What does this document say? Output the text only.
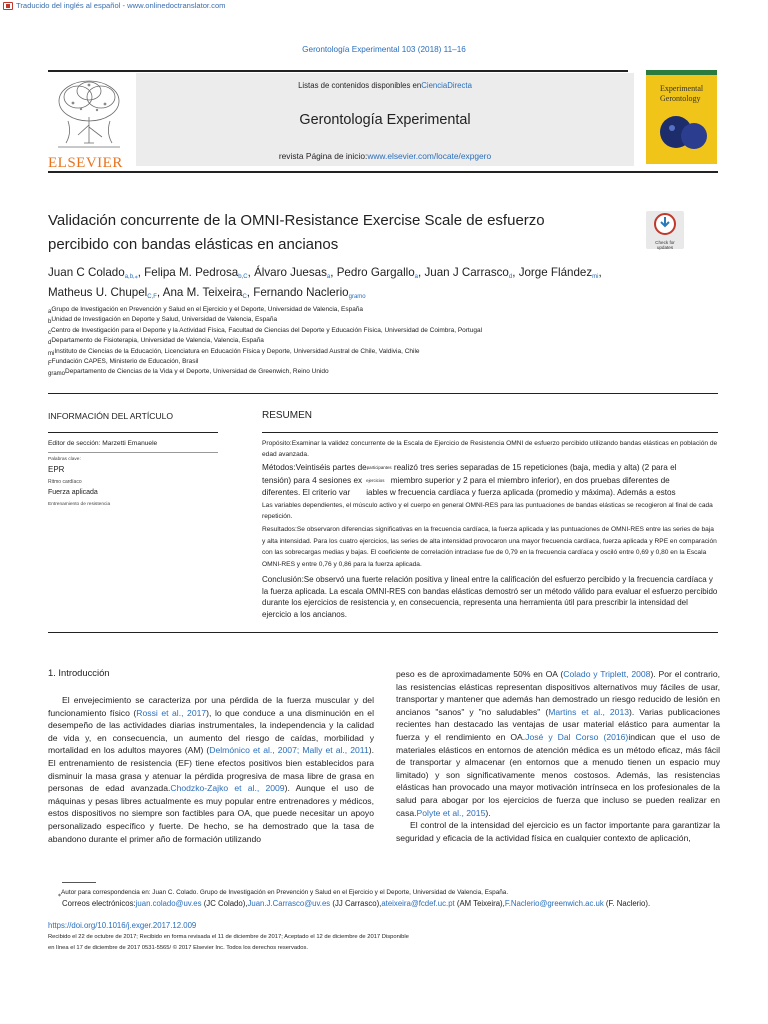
Traducido del inglés al español - www.onlinedoctranslator.com
Gerontología Experimental 103 (2018) 11–16
ELSEVIER
Listas de contenidos disponibles enCienciaDirecta
Gerontología Experimental
revista Página de inicio:www.elsevier.com/locate/expgero
Experimental
Gerontology
Validación concurrente de la OMNI-Resistance Exercise Scale de esfuerzo
percibido con bandas elásticas en ancianos	Check for
updates
Juan C Coladoa,b,⁎, Felipa M. Pedrosab,C, Álvaro Juesasa, Pedro Gargalloa, Juan J Carrascod, Jorge Flándezmi, Matheus U. ChupelC,F, Ana M. TeixeiraC, Fernando Nacleriogramo
aGrupo de Investigación en Prevención y Salud en el Ejercicio y el Deporte, Universidad de Valencia, España
bUnidad de Investigación en Deporte y Salud, Universidad de Valencia, España
cCentro de Investigación para el Deporte y la Actividad Física, Facultad de Ciencias del Deporte y Educación Física, Universidad de Coimbra, Portugal
dDepartamento de Fisioterapia, Universidad de Valencia, Valencia, España
miInstituto de Ciencias de la Educación, Licenciatura en Educación Física y Deporte, Universidad Austral de Chile, Valdivia, Chile
FFundación CAPES, Ministerio de Educación, Brasil
gramoDepartamento de Ciencias de la Vida y el Deporte, Universidad de Greenwich, Reino Unido
INFORMACIÓN DEL ARTÍCULO
Editor de sección: Marzetti Emanuele
Palabras clave:
EPR
Ritmo cardíaco
Fuerza aplicada
Entrenamiento de resistencia
RESUMEN
Propósito:Examinar la validez concurrente de la Escala de Ejercicio de Resistencia OMNI de esfuerzo percibido utilizando bandas elásticas en población de edad avanzada.
Métodos:Veintiséis partes departicipantes realizó tres series separadas de 15 repeticiones (baja, media y alta) (2 para el
tensión) para 4 sesiones ex ejercicios miembro superior y 2 para el miembro inferior), en dos pruebas diferentes de
diferentes. El criterio var       iables w frecuencia cardíaca y fuerza aplicada (promedio y máxima). Además a estos
Las variables dependientes, el músculo activo y el cuerpo en general OMNI-RES para las puntuaciones de bandas elásticas se recogieron al final de cada repetición.
Resultados:Se observaron diferencias significativas en la frecuencia cardíaca, la fuerza aplicada y las puntuaciones de OMNI-RES entre las series de baja y alta intensidad. Para los cuatro ejercicios, las series de alta intensidad provocaron una mayor frecuencia cardíaca, fuerza aplicada y RPE en comparación con las sobrecargas medias y bajas. El coeficiente de correlación intraclase fue de 0,79 en la frecuencia cardíaca y osciló entre 0,69 y 0,80 en la Escala OMNI-RES y entre 0,76 y 0,86 para la fuerza aplicada.
Conclusión:Se observó una fuerte relación positiva y lineal entre la calificación del esfuerzo percibido y la frecuencia cardíaca y la fuerza aplicada. La escala OMNI-RES con bandas elásticas demostró ser un método válido para evaluar el esfuerzo percibido durante los ejercicios de resistencia y, en consecuencia, representa una herramienta útil para prescribir la intensidad del ejercicio a los ancianos.
1. Introducción

El envejecimiento se caracteriza por una pérdida de la fuerza muscular y del funcionamiento físico (Rossi et al., 2017), lo que conduce a una disminución en el desempeño de las actividades diarias instrumentales, la independencia y la calidad de vida y, en consecuencia, un aumento del riesgo de caídas, morbilidad y mortalidad en los adultos mayores (AM) (Delmónico et al., 2007; Mally et al., 2011). El entrenamiento de resistencia (EF) tiene efectos positivos bien establecidos para disminuir la masa grasa y atenuar la pérdida progresiva de masa libre de grasa en personas de edad avanzada.Chodzko-Zajko et al., 2009). Aunque el uso de máquinas y pesas libres actualmente es muy popular entre entrenadores y médicos, estos dispositivos no siempre son factibles para OA, que puede necesitar un apoyo personalizado específico y fuerte. De hecho, se ha demostrado que la tasa de abandono durante el primer año de formación utilizando

peso es de aproximadamente 50% en OA (Colado y Triplett, 2008). Por el contrario, las resistencias elásticas representan dispositivos alternativos muy fáciles de usar, transportar y mantener que además han demostrado un riesgo reducido de lesión en ancianos "sanos" y "no saludables" (Martins et al., 2013). Varias publicaciones recientes han destacado las ventajas de usar material elástico para aumentar la fuerza y el rendimiento en OA.José y Dal Corso (2016)indican que el uso de materiales elásticos en entornos de atención médica es un método eficaz, más fácil de transportar y almacenar (en entornos que a menudo tienen un espacio muy limitado) y son significativamente menos costosos. Además, las resistencias elásticas han provocado una mayor motivación intrínseca en los profesionales de la salud para abogar por los ejercicios de fuerza que incluso se pueden realizar en casa.Polyte et al., 2015).

El control de la intensidad del ejercicio es un factor importante para garantizar la seguridad y eficacia de la actividad física en cualquier contexto de aplicación,

⁎Autor para correspondencia en: Juan C. Colado. Grupo de Investigación en Prevención y Salud en el Ejercicio y el Deporte, Universidad de Valencia, España.
Correos electrónicos:juan.colado@uv.es (JC Colado),Juan.J.Carrasco@uv.es (JJ Carrasco),ateixeira@fcdef.uc.pt (AM Teixeira),F.Naclerio@greenwich.ac.uk (F. Naclerio).
https://doi.org/10.1016/j.exger.2017.12.009
Recibido el 22 de octubre de 2017; Recibido en forma revisada el 11 de diciembre de 2017; Aceptado el 12 de diciembre de 2017 Disponible
en línea el 17 de diciembre de 2017 0531-5565/ © 2017 Elsevier Inc. Todos los derechos reservados.
